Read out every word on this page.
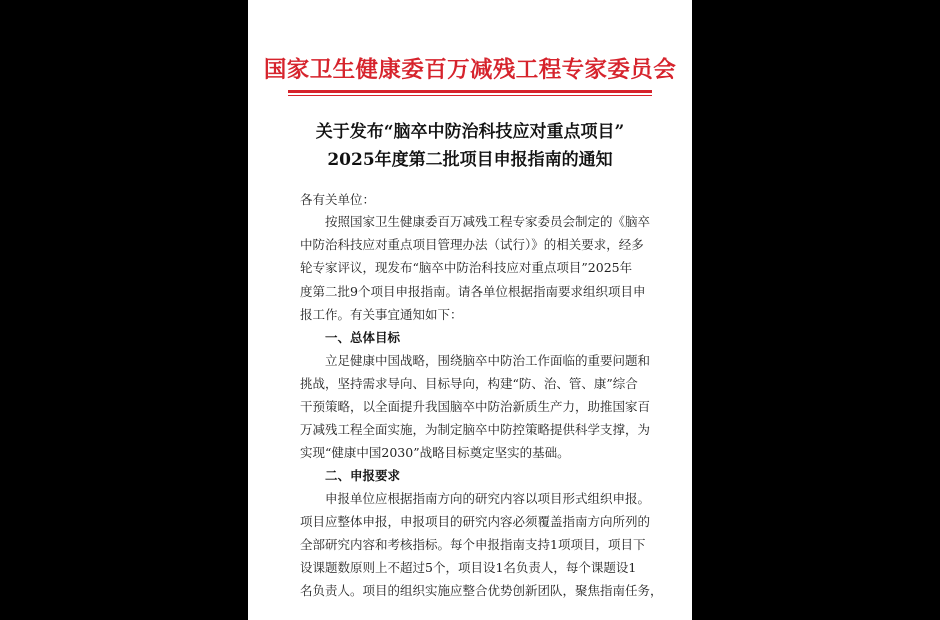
国家卫生健康委百万减残工程专家委员会
关于发布“脑卒中防治科技应对重点项目”
2025年度第二批项目申报指南的通知
各有关单位：
　　按照国家卫生健康委百万减残工程专家委员会制定的《脑卒
中防治科技应对重点项目管理办法（试行）》的相关要求，经多
轮专家评议，现发布“脑卒中防治科技应对重点项目”2025年
度第二批9个项目申报指南。请各单位根据指南要求组织项目申
报工作。有关事宜通知如下：
　　一、总体目标
　　立足健康中国战略，围绕脑卒中防治工作面临的重要问题和
挑战，坚持需求导向、目标导向，构建“防、治、管、康”综合
干预策略，以全面提升我国脑卒中防治新质生产力，助推国家百
万减残工程全面实施，为制定脑卒中防控策略提供科学支撑，为
实现“健康中国2030”战略目标奠定坚实的基础。
　　二、申报要求
　　申报单位应根据指南方向的研究内容以项目形式组织申报。
项目应整体申报，申报项目的研究内容必须覆盖指南方向所列的
全部研究内容和考核指标。每个申报指南支持1项项目，项目下
设课题数原则上不超过5个，项目设1名负责人，每个课题设1
名负责人。项目的组织实施应整合优势创新团队，聚焦指南任务，
